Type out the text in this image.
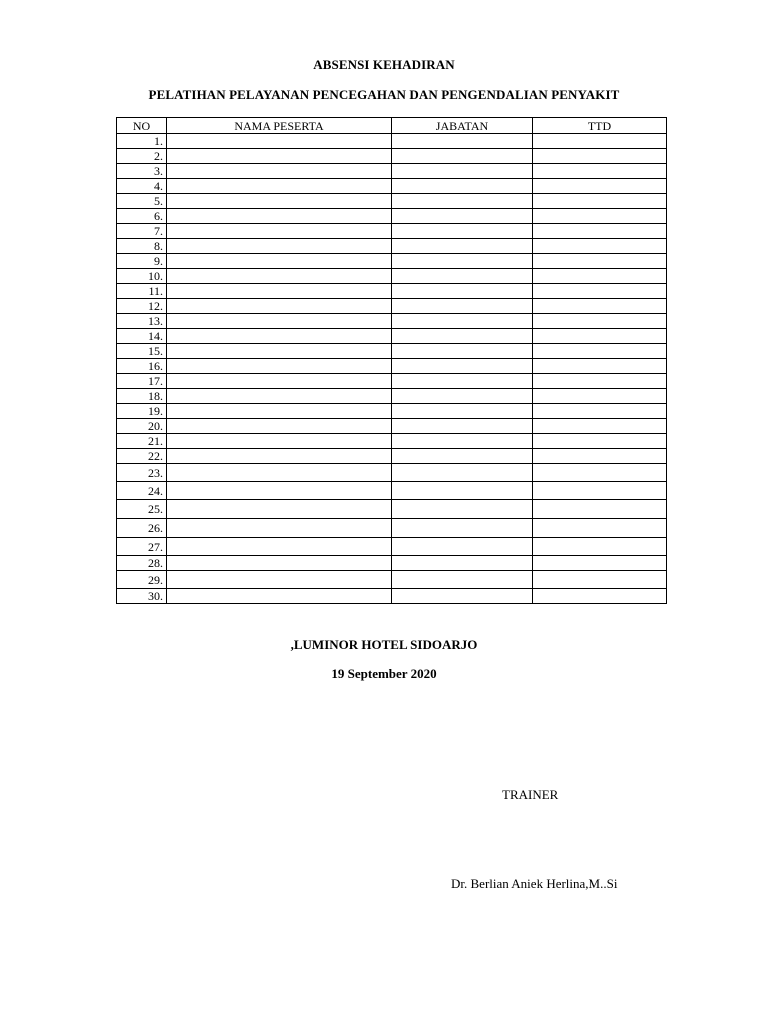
ABSENSI KEHADIRAN
PELATIHAN PELAYANAN PENCEGAHAN DAN PENGENDALIAN PENYAKIT
NO	NAMA PESERTA	JABATAN	TTD
1.			
2.			
3.			
4.			
5.			
6.			
7.			
8.			
9.			
10.			
11.			
12.			
13.			
14.			
15.			
16.			
17.			
18.			
19.			
20.			
21.			
22.			
23.			
24.			
25.			
26.			
27.			
28.			
29.			
30.			
,LUMINOR HOTEL SIDOARJO
19 September 2020
TRAINER
Dr. Berlian Aniek Herlina,M..Si
